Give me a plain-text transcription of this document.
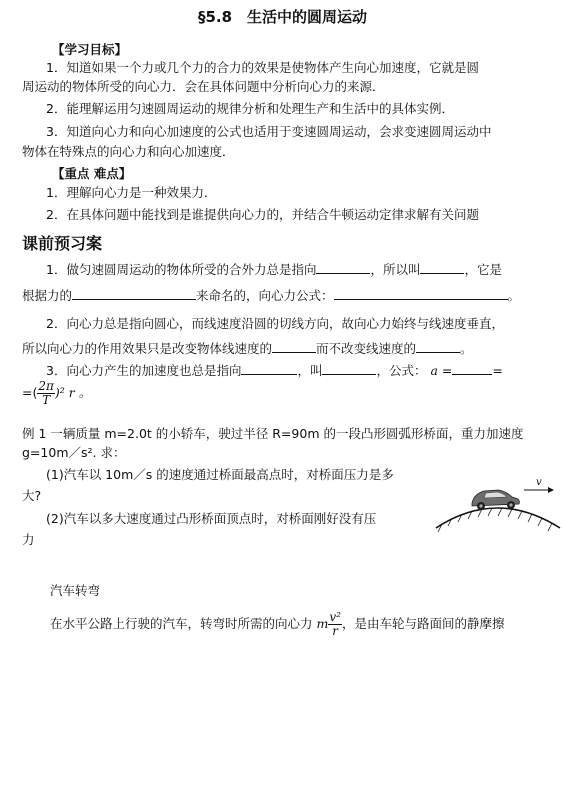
§5.8　生活中的圆周运动
【学习目标】
1．知道如果一个力或几个力的合力的效果是使物体产生向心加速度，它就是圆
周运动的物体所受的向心力．会在具体问题中分析向心力的来源．
2．能理解运用匀速圆周运动的规律分析和处理生产和生活中的具体实例．
3．知道向心力和向心加速度的公式也适用于变速圆周运动，会求变速圆周运动中
物体在特殊点的向心力和向心加速度．
【重点 难点】
1．理解向心力是一种效果力．
2．在具体问题中能找到是谁提供向心力的，并结合牛顿运动定律求解有关问题
课前预习案
1．做匀速圆周运动的物体所受的合外力总是指向	，所以叫	，它是
根据力的	来命名的，向心力公式：	。
2．向心力总是指向圆心，而线速度沿圆的切线方向，故向心力始终与线速度垂直，
所以向心力的作用效果只是改变物体线速度的	而不改变线速度的	。
3．向心力产生的加速度也总是指向	，叫	，公式： a =	=
=( $\frac{2\pi}{T} )^2$ r 。
例 1 一辆质量 m=2.0t 的小轿车，驶过半径 R=90m 的一段凸形圆弧形桥面，重力加速度
g=10m／s². 求：
(1)汽车以 10m／s 的速度通过桥面最高点时，对桥面压力是多
大?
(2)汽车以多大速度通过凸形桥面顶点时，对桥面刚好没有压
力
v
汽车转弯
在水平公路上行驶的汽车，转弯时所需的向心力 m $\frac{\text{v²}}{r}$ ，是由车轮与路面间的静摩擦
